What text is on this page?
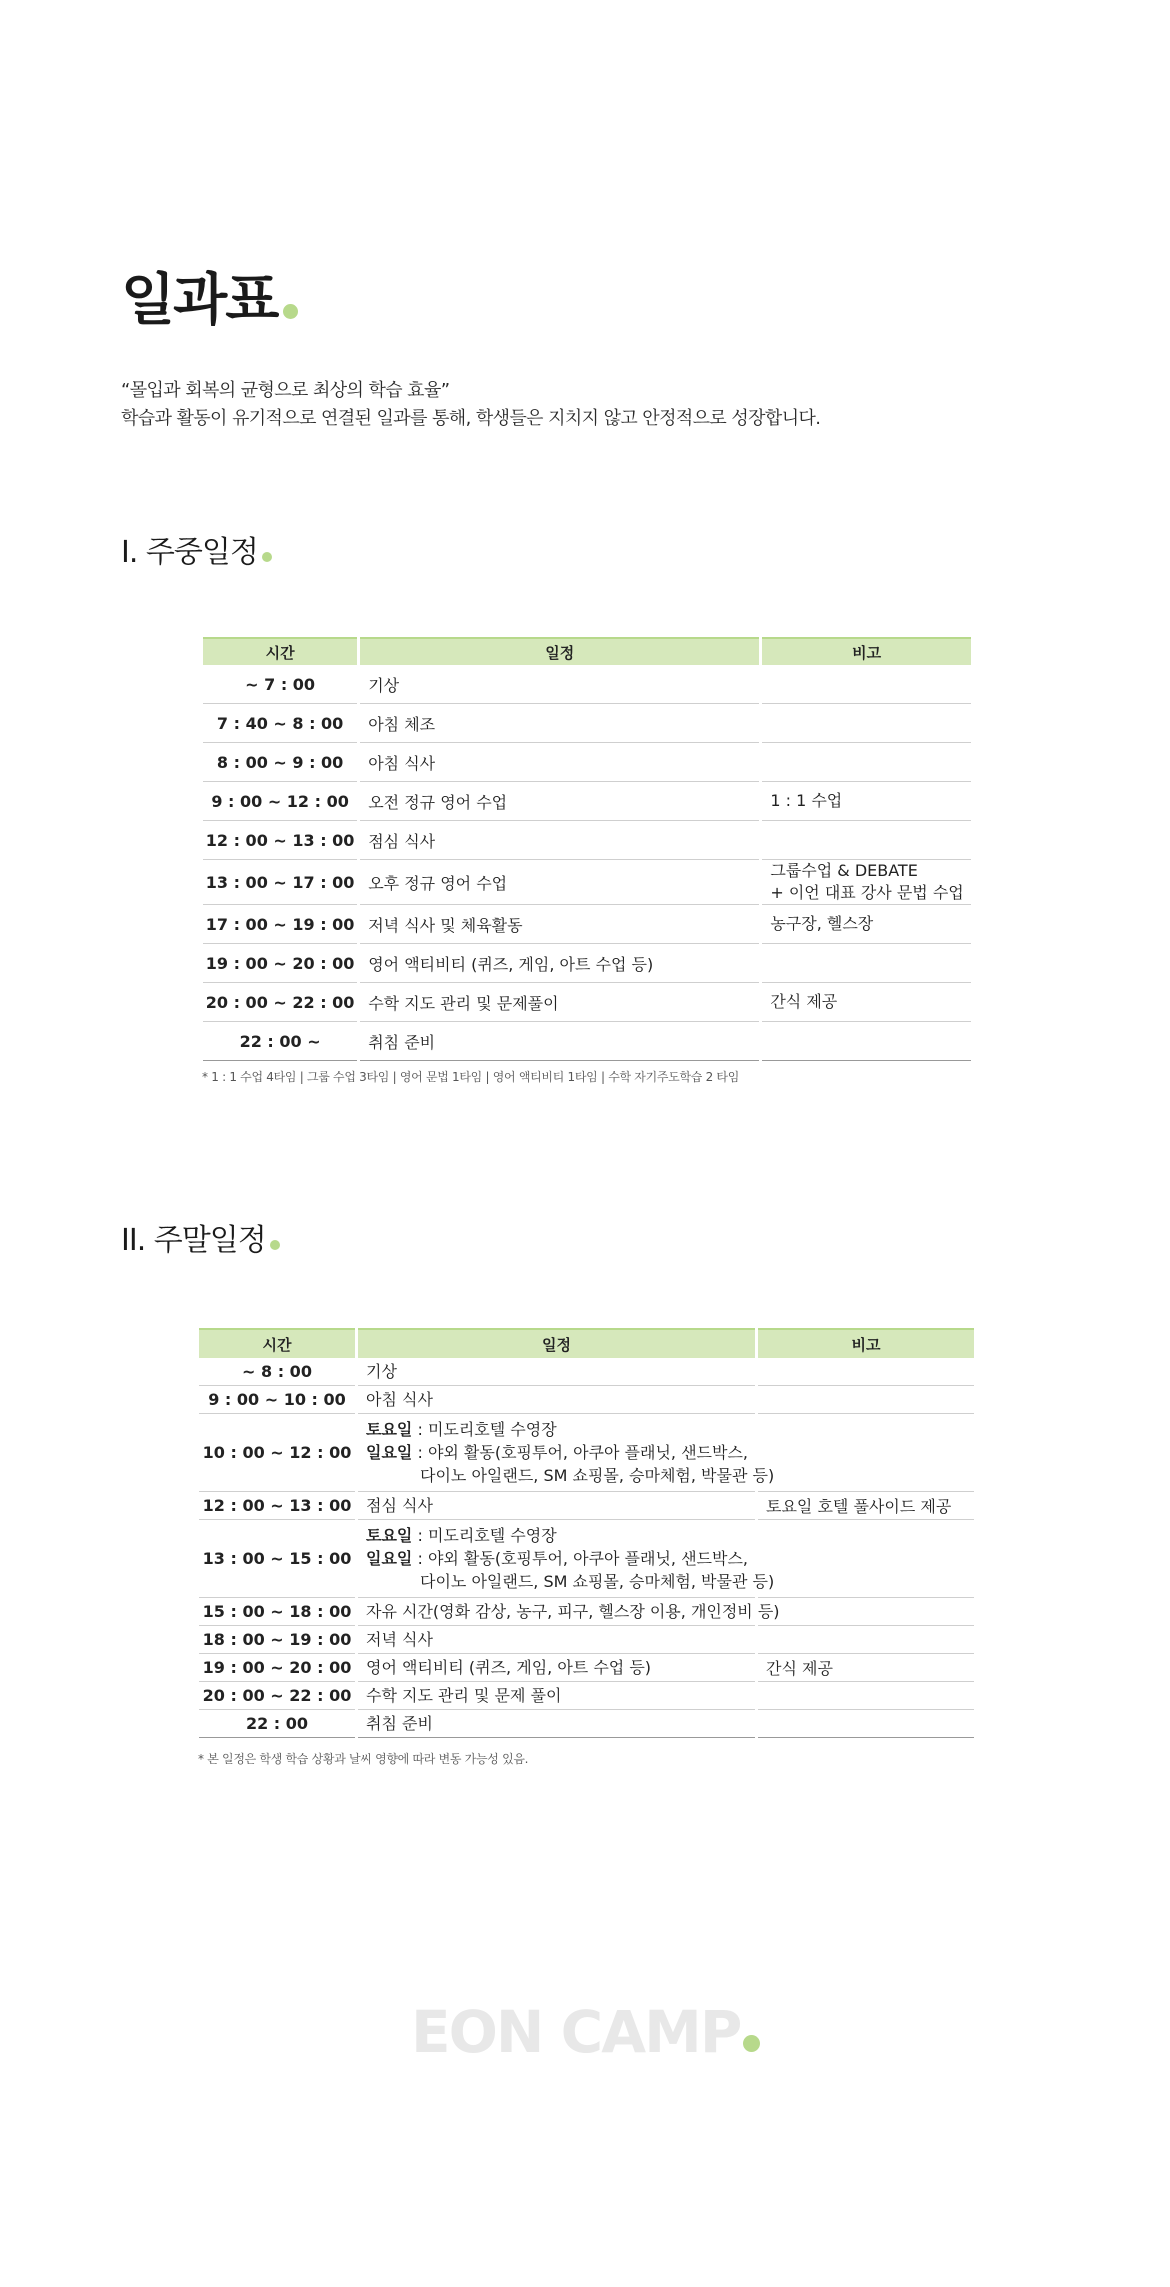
일과표

“몰입과 회복의 균형으로 최상의 학습 효율”

학습과 활동이 유기적으로 연결된 일과를 통해, 학생들은 지치지 않고 안정적으로 성장합니다.

I. 주중일정
시간	일정	비고
~ 7 : 00	기상	
7 : 40 ~ 8 : 00	아침 체조	
8 : 00 ~ 9 : 00	아침 식사	
9 : 00 ~ 12 : 00	오전 정규 영어 수업	1 : 1 수업
12 : 00 ~ 13 : 00	점심 식사	
13 : 00 ~ 17 : 00	오후 정규 영어 수업	그룹수업 & DEBATE
+ 이언 대표 강사 문법 수업

17 : 00 ~ 19 : 00	저녁 식사 및 체육활동	농구장, 헬스장
19 : 00 ~ 20 : 00	영어 액티비티 (퀴즈, 게임, 아트 수업 등)	
20 : 00 ~ 22 : 00	수학 지도 관리 및 문제풀이	간식 제공
22 : 00 ~	취침 준비	

* 1 : 1 수업 4타임 | 그룹 수업 3타임 | 영어 문법 1타임 | 영어 액티비티 1타임 | 수학 자기주도학습 2 타임

II. 주말일정
시간	일정	비고
~ 8 : 00	기상	
9 : 00 ~ 10 : 00	아침 식사	
10 : 00 ~ 12 : 00	토요일 : 미도리호텔 수영장
일요일 : 야외 활동(호핑투어, 아쿠아 플래닛, 샌드박스,
다이노 아일랜드, SM 쇼핑몰, 승마체험, 박물관 등)	

12 : 00 ~ 13 : 00	점심 식사	토요일 호텔 풀사이드 제공
13 : 00 ~ 15 : 00	토요일 : 미도리호텔 수영장
일요일 : 야외 활동(호핑투어, 아쿠아 플래닛, 샌드박스,
다이노 아일랜드, SM 쇼핑몰, 승마체험, 박물관 등)	

15 : 00 ~ 18 : 00	자유 시간(영화 감상, 농구, 피구, 헬스장 이용, 개인정비 등)	
18 : 00 ~ 19 : 00	저녁 식사	
19 : 00 ~ 20 : 00	영어 액티비티 (퀴즈, 게임, 아트 수업 등)	간식 제공
20 : 00 ~ 22 : 00	수학 지도 관리 및 문제 풀이	
22 : 00	취침 준비	

* 본 일정은 학생 학습 상황과 날씨 영향에 따라 변동 가능성 있음.

EON CAMP
